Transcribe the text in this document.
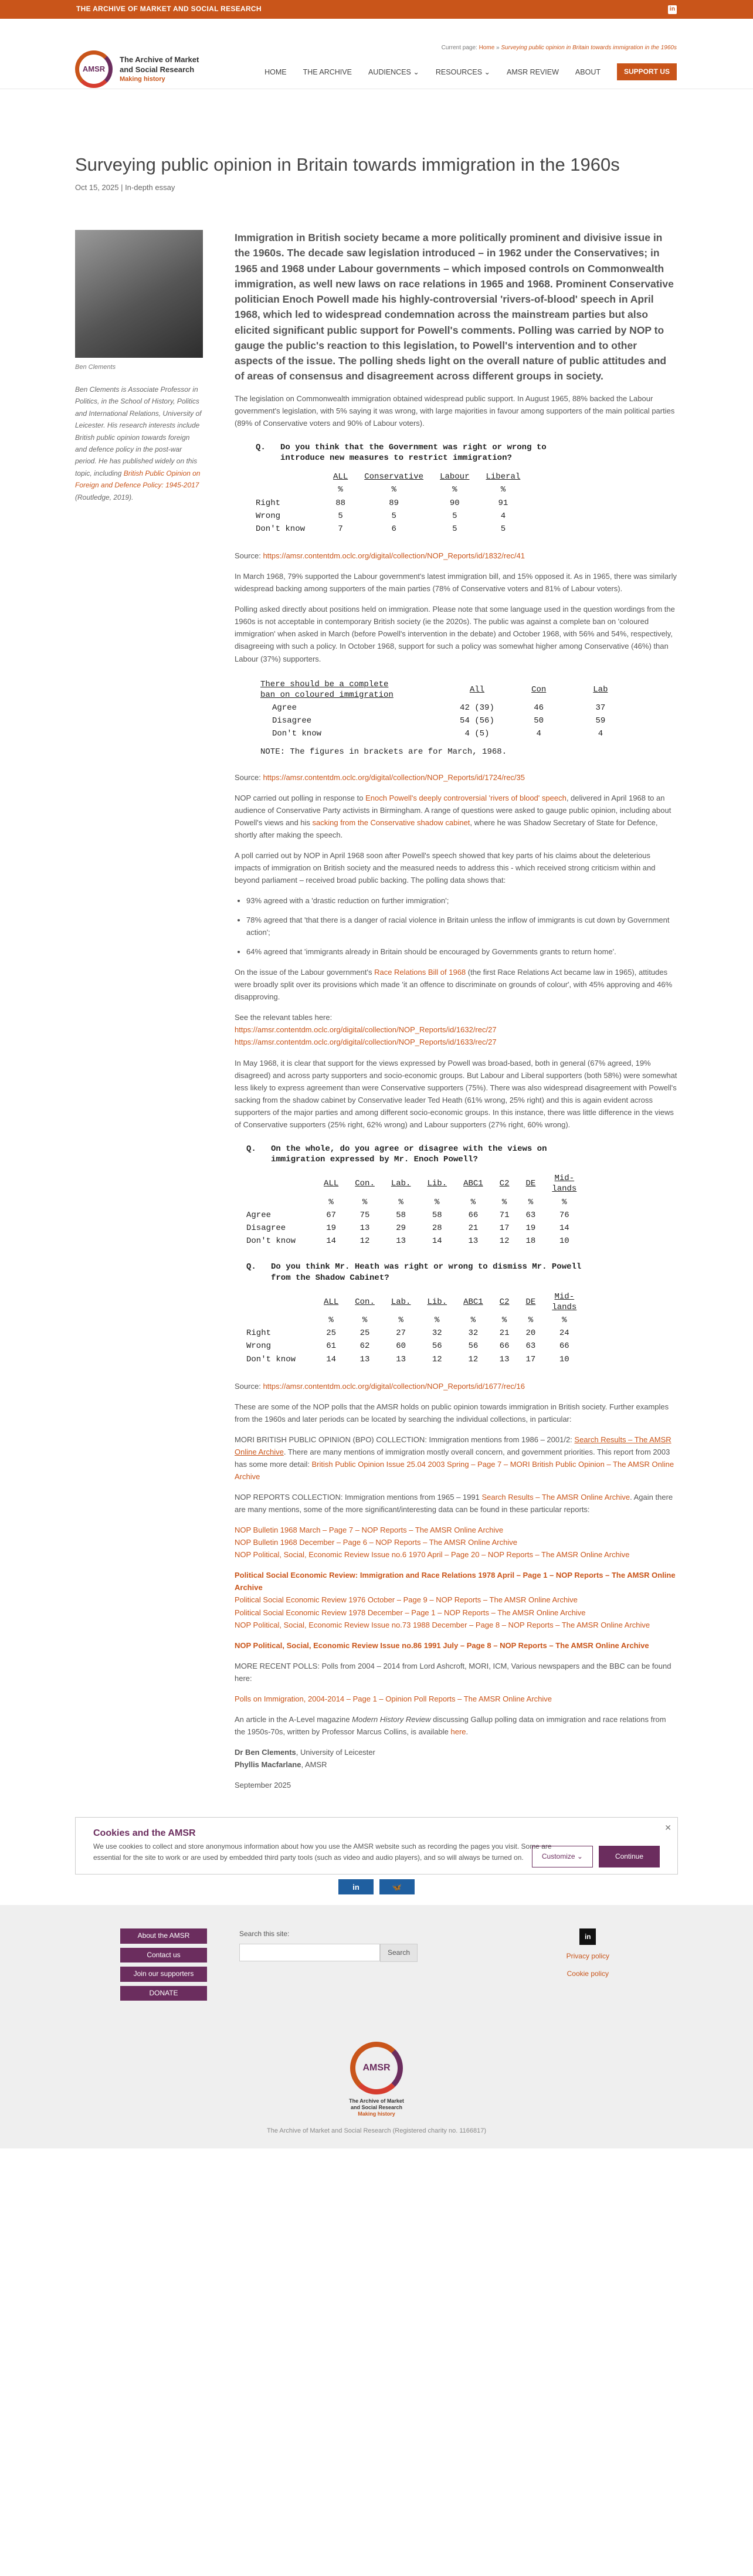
THE ARCHIVE OF MARKET AND SOCIAL RESEARCH	in
AMSR
The Archive of Market
and Social Research
Making history
Current page: Home » Surveying public opinion in Britain towards immigration in the 1960s
HOME THE ARCHIVE AUDIENCES ⌄ RESOURCES ⌄ AMSR REVIEW ABOUT	SUPPORT US
Surveying public opinion in Britain towards immigration in the 1960s
Oct 15, 2025 | In-depth essay
Ben Clements
Ben Clements is Associate Professor in Politics, in the School of History, Politics and International Relations, University of Leicester. His research interests include British public opinion towards foreign and defence policy in the post-war period. He has published widely on this topic, including British Public Opinion on Foreign and Defence Policy: 1945-2017 (Routledge, 2019).

Immigration in British society became a more politically prominent and divisive issue in the 1960s. The decade saw legislation introduced – in 1962 under the Conservatives; in 1965 and 1968 under Labour governments – which imposed controls on Commonwealth immigration, as well new laws on race relations in 1965 and 1968. Prominent Conservative politician Enoch Powell made his highly-controversial 'rivers-of-blood' speech in April 1968, which led to widespread condemnation across the mainstream parties but also elicited significant public support for Powell's comments. Polling was carried by NOP to gauge the public's reaction to this legislation, to Powell's intervention and to other aspects of the issue. The polling sheds light on the overall nature of public attitudes and of areas of consensus and disagreement across different groups in society.

The legislation on Commonwealth immigration obtained widespread public support. In August 1965, 88% backed the Labour government's legislation, with 5% saying it was wrong, with large majorities in favour among supporters of the main political parties (89% of Conservative voters and 90% of Labour voters).

Q.   Do you think that the Government was right or wrong to
introduce new measures to restrict immigration?
	ALL	Conservative	Labour	Liberal
	%	%	%	%
Right	88	89	90	91
Wrong	5	5	5	4
Don't know	7	6	5	5

Source: https://amsr.contentdm.oclc.org/digital/collection/NOP_Reports/id/1832/rec/41

In March 1968, 79% supported the Labour government's latest immigration bill, and 15% opposed it. As in 1965, there was similarly widespread backing among supporters of the main parties (78% of Conservative voters and 81% of Labour voters).

Polling asked directly about positions held on immigration. Please note that some language used in the question wordings from the 1960s is not acceptable in contemporary British society (ie the 2020s). The public was against a complete ban on 'coloured immigration' when asked in March (before Powell's intervention in the debate) and October 1968, with 56% and 54%, respectively, disagreeing with such a policy. In October 1968, support for such a policy was somewhat higher among Conservative (46%) than Labour (37%) supporters.

There should be a complete
ban on coloured immigration	All	Con	Lab
Agree	42 (39)	46	37
Disagree	54 (56)	50	59
Don't know	4 (5)	4	4
NOTE: The figures in brackets are for March, 1968.

Source: https://amsr.contentdm.oclc.org/digital/collection/NOP_Reports/id/1724/rec/35

NOP carried out polling in response to Enoch Powell's deeply controversial 'rivers of blood' speech, delivered in April 1968 to an audience of Conservative Party activists in Birmingham. A range of questions were asked to gauge public opinion, including about Powell's views and his sacking from the Conservative shadow cabinet, where he was Shadow Secretary of State for Defence, shortly after making the speech.

A poll carried out by NOP in April 1968 soon after Powell's speech showed that key parts of his claims about the deleterious impacts of immigration on British society and the measured needs to address this - which received strong criticism within and beyond parliament – received broad public backing. The polling data shows that:

• 93% agreed with a 'drastic reduction on further immigration';
• 78% agreed that 'that there is a danger of racial violence in Britain unless the inflow of immigrants is cut down by Government action';
• 64% agreed that 'immigrants already in Britain should be encouraged by Governments grants to return home'.

On the issue of the Labour government's Race Relations Bill of 1968 (the first Race Relations Act became law in 1965), attitudes were broadly split over its provisions which made 'it an offence to discriminate on grounds of colour', with 45% approving and 46% disapproving.

See the relevant tables here:
https://amsr.contentdm.oclc.org/digital/collection/NOP_Reports/id/1632/rec/27
https://amsr.contentdm.oclc.org/digital/collection/NOP_Reports/id/1633/rec/27

In May 1968, it is clear that support for the views expressed by Powell was broad-based, both in general (67% agreed, 19% disagreed) and across party supporters and socio-economic groups. But Labour and Liberal supporters (both 58%) were somewhat less likely to express agreement than were Conservative supporters (75%). There was also widespread disagreement with Powell's sacking from the shadow cabinet by Conservative leader Ted Heath (61% wrong, 25% right) and this is again evident across supporters of the major parties and among different socio-economic groups. In this instance, there was little difference in the views of Conservative supporters (25% right, 62% wrong) and Labour supporters (27% right, 60% wrong).

Q.   On the whole, do you agree or disagree with the views on
immigration expressed by Mr. Enoch Powell?
	ALL	Con.	Lab.	Lib.	ABC1	C2	DE	Mid-
lands
	%	%	%	%	%	%	%	%
Agree	67	75	58	58	66	71	63	76
Disagree	19	13	29	28	21	17	19	14
Don't know	14	12	13	14	13	12	18	10
Q.   Do you think Mr. Heath was right or wrong to dismiss Mr. Powell
from the Shadow Cabinet?
	ALL	Con.	Lab.	Lib.	ABC1	C2	DE	Mid-
lands
	%	%	%	%	%	%	%	%
Right	25	25	27	32	32	21	20	24
Wrong	61	62	60	56	56	66	63	66
Don't know	14	13	13	12	12	13	17	10

Source: https://amsr.contentdm.oclc.org/digital/collection/NOP_Reports/id/1677/rec/16

These are some of the NOP polls that the AMSR holds on public opinion towards immigration in British society. Further examples from the 1960s and later periods can be located by searching the individual collections, in particular:

MORI BRITISH PUBLIC OPINION (BPO) COLLECTION: Immigration mentions from 1986 – 2001/2: Search Results – The AMSR Online Archive. There are many mentions of immigration mostly overall concern, and government priorities. This report from 2003 has some more detail: British Public Opinion Issue 25.04 2003 Spring – Page 7 – MORI British Public Opinion – The AMSR Online Archive

NOP REPORTS COLLECTION: Immigration mentions from 1965 – 1991 Search Results – The AMSR Online Archive. Again there are many mentions, some of the more significant/interesting data can be found in these particular reports:

NOP Bulletin 1968 March – Page 7 – NOP Reports – The AMSR Online Archive
NOP Bulletin 1968 December – Page 6 – NOP Reports – The AMSR Online Archive
NOP Political, Social, Economic Review Issue no.6 1970 April – Page 20 – NOP Reports – The AMSR Online Archive

Political Social Economic Review: Immigration and Race Relations 1978 April – Page 1 – NOP Reports – The AMSR Online Archive
Political Social Economic Review 1976 October – Page 9 – NOP Reports – The AMSR Online Archive
Political Social Economic Review 1978 December – Page 1 – NOP Reports – The AMSR Online Archive
NOP Political, Social, Economic Review Issue no.73 1988 December – Page 8 – NOP Reports – The AMSR Online Archive

NOP Political, Social, Economic Review Issue no.86 1991 July – Page 8 – NOP Reports – The AMSR Online Archive

MORE RECENT POLLS: Polls from 2004 – 2014 from Lord Ashcroft, MORI, ICM, Various newspapers and the BBC can be found here:

Polls on Immigration, 2004-2014 – Page 1 – Opinion Poll Reports – The AMSR Online Archive

An article in the A-Level magazine Modern History Review discussing Gallup polling data on immigration and race relations from the 1950s-70s, written by Professor Marcus Collins, is available here.

Dr Ben Clements, University of Leicester
Phyllis Macfarlane, AMSR

September 2025

✕
Cookies and the AMSR

We use cookies to collect and store anonymous information about how you use the AMSR website such as recording the pages you visit. Some are essential for the site to work or are used by embedded third party tools (such as video and audio players), and so will always be turned on.	Customize ⌄	Continue
in	🦋
About the AMSR
Contact us
Join our supporters
DONATE
Search this site:
Search
in
Privacy policy
Cookie policy
AMSR
The Archive of Market
and Social Research
Making history
The Archive of Market and Social Research (Registered charity no. 1166817)
